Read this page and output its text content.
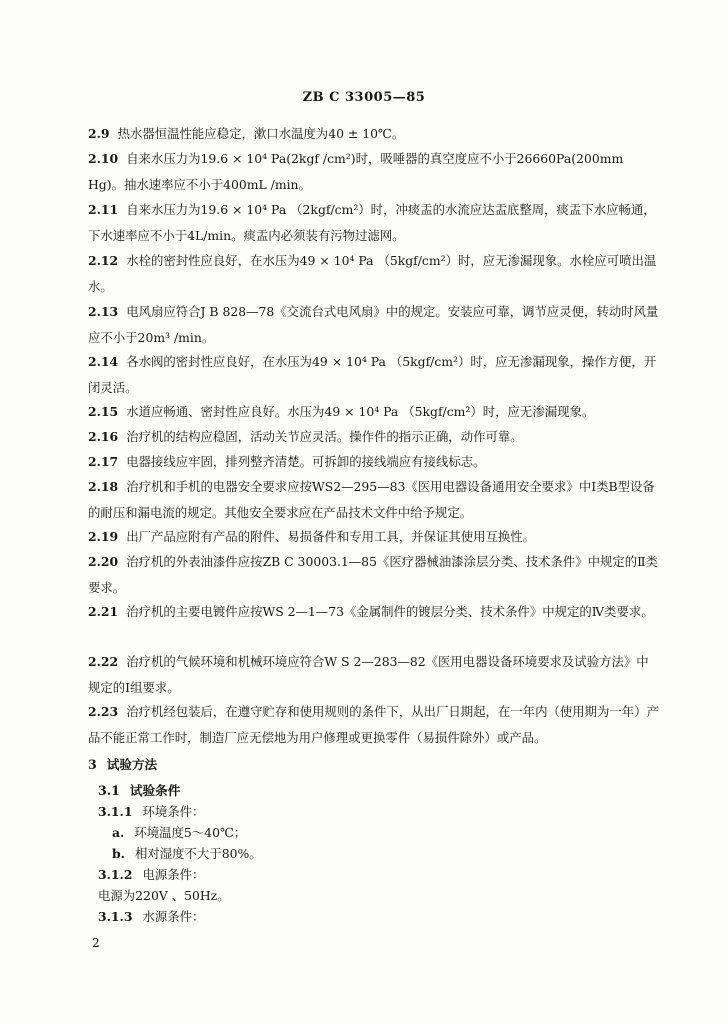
ZB C 33005—85
2.9 热水器恒温性能应稳定，漱口水温度为40 ± 10℃。
2.10 自来水压力为19.6 × 10⁴ Pa(2kgf /cm²)时，吸唾器的真空度应不小于26660Pa(200mm Hg)。抽水速率应不小于400mL /min。
2.11 自来水压力为19.6 × 10⁴ Pa （2kgf/cm²）时，冲痰盂的水流应达盂底整周，痰盂下水应畅通，下水速率应不小于4L/min。痰盂内必须装有污物过滤网。
2.12 水栓的密封性应良好，在水压为49 × 10⁴ Pa （5kgf/cm²）时，应无渗漏现象。水栓应可喷出温水。
2.13 电风扇应符合J B 828—78《交流台式电风扇》中的规定。安装应可靠，调节应灵便，转动时风量应不小于20m³ /min。
2.14 各水阀的密封性应良好，在水压为49 × 10⁴ Pa （5kgf/cm²）时，应无渗漏现象，操作方便，开闭灵活。
2.15 水道应畅通、密封性应良好。水压为49 × 10⁴ Pa （5kgf/cm²）时，应无渗漏现象。
2.16 治疗机的结构应稳固，活动关节应灵活。操作件的指示正确，动作可靠。
2.17 电器接线应牢固，排列整齐清楚。可拆卸的接线端应有接线标志。
2.18 治疗机和手机的电器安全要求应按WS2—295—83《医用电器设备通用安全要求》中Ⅰ类B型设备的耐压和漏电流的规定。其他安全要求应在产品技术文件中给予规定。
2.19 出厂产品应附有产品的附件、易损备件和专用工具，并保证其使用互换性。
2.20 治疗机的外表油漆件应按ZB C 30003.1—85《医疗器械油漆涂层分类、技术条件》中规定的Ⅱ类要求。
2.21 治疗机的主要电镀件应按WS 2—1—73《金属制件的镀层分类、技术条件》中规定的Ⅳ类要求。
2.22 治疗机的气候环境和机械环境应符合W S 2—283—82《医用电器设备环境要求及试验方法》中规定的Ⅰ组要求。
2.23 治疗机经包装后，在遵守贮存和使用规则的条件下，从出厂日期起，在一年内（使用期为一年）产品不能正常工作时，制造厂应无偿地为用户修理或更换零件（易损件除外）或产品。
3 试验方法
3.1 试验条件
3.1.1 环境条件：
a. 环境温度5～40℃；
b. 相对湿度不大于80%。
3.1.2 电源条件：
电源为220V 、50Hz。
3.1.3 水源条件：
2
